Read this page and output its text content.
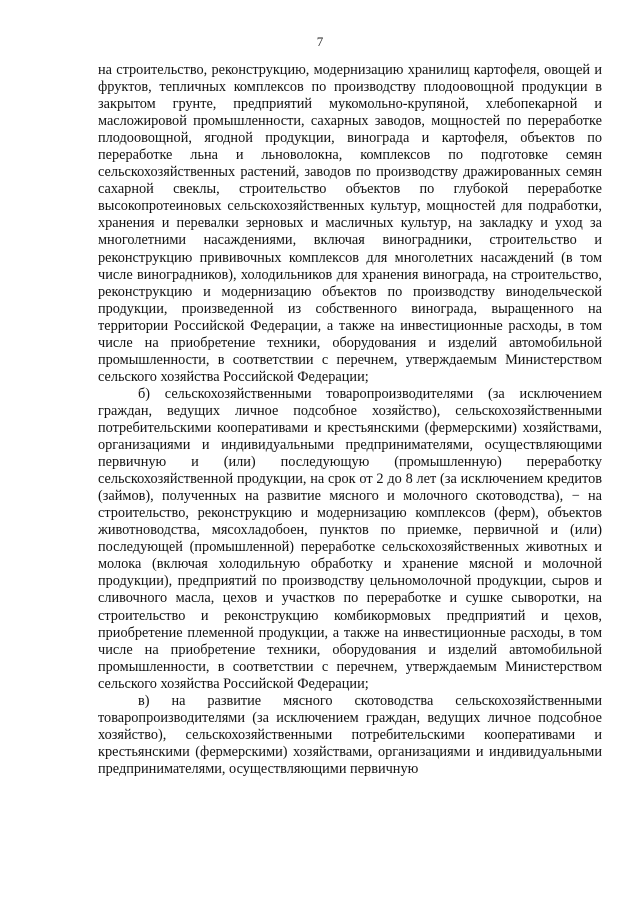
7

на строительство, реконструкцию, модернизацию хранилищ картофеля, овощей и фруктов, тепличных комплексов по производству плодоовощной продукции в закрытом грунте, предприятий мукомольно-крупяной, хлебопекарной и масложировой промышленности, сахарных заводов, мощностей по переработке плодоовощной, ягодной продукции, винограда и картофеля, объектов по переработке льна и льноволокна, комплексов по подготовке семян сельскохозяйственных растений, заводов по производству дражированных семян сахарной свеклы, строительство объектов по глубокой переработке высокопротеиновых сельскохозяйственных культур, мощностей для подработки, хранения и перевалки зерновых и масличных культур, на закладку и уход за многолетними насаждениями, включая виноградники, строительство и реконструкцию прививочных комплексов для многолетних насаждений (в том числе виноградников), холодильников для хранения винограда, на строительство, реконструкцию и модернизацию объектов по производству винодельческой продукции, произведенной из собственного винограда, выращенного на территории Российской Федерации, а также на инвестиционные расходы, в том числе на приобретение техники, оборудования и изделий автомобильной промышленности, в соответствии с перечнем, утверждаемым Министерством сельского хозяйства Российской Федерации;

б) сельскохозяйственными товаропроизводителями (за исключением граждан, ведущих личное подсобное хозяйство), сельскохозяйственными потребительскими кооперативами и крестьянскими (фермерскими) хозяйствами, организациями и индивидуальными предпринимателями, осуществляющими первичную и (или) последующую (промышленную) переработку сельскохозяйственной продукции, на срок от 2 до 8 лет (за исключением кредитов (займов), полученных на развитие мясного и молочного скотоводства), − на строительство, реконструкцию и модернизацию комплексов (ферм), объектов животноводства, мясохладобоен, пунктов по приемке, первичной и (или) последующей (промышленной) переработке сельскохозяйственных животных и молока (включая холодильную обработку и хранение мясной и молочной продукции), предприятий по производству цельномолочной продукции, сыров и сливочного масла, цехов и участков по переработке и сушке сыворотки, на строительство и реконструкцию комбикормовых предприятий и цехов, приобретение племенной продукции, а также на инвестиционные расходы, в том числе на приобретение техники, оборудования и изделий автомобильной промышленности, в соответствии с перечнем, утверждаемым Министерством сельского хозяйства Российской Федерации;

в) на развитие мясного скотоводства сельскохозяйственными товаропроизводителями (за исключением граждан, ведущих личное подсобное хозяйство), сельскохозяйственными потребительскими кооперативами и крестьянскими (фермерскими) хозяйствами, организациями и индивидуальными предпринимателями, осуществляющими первичную
